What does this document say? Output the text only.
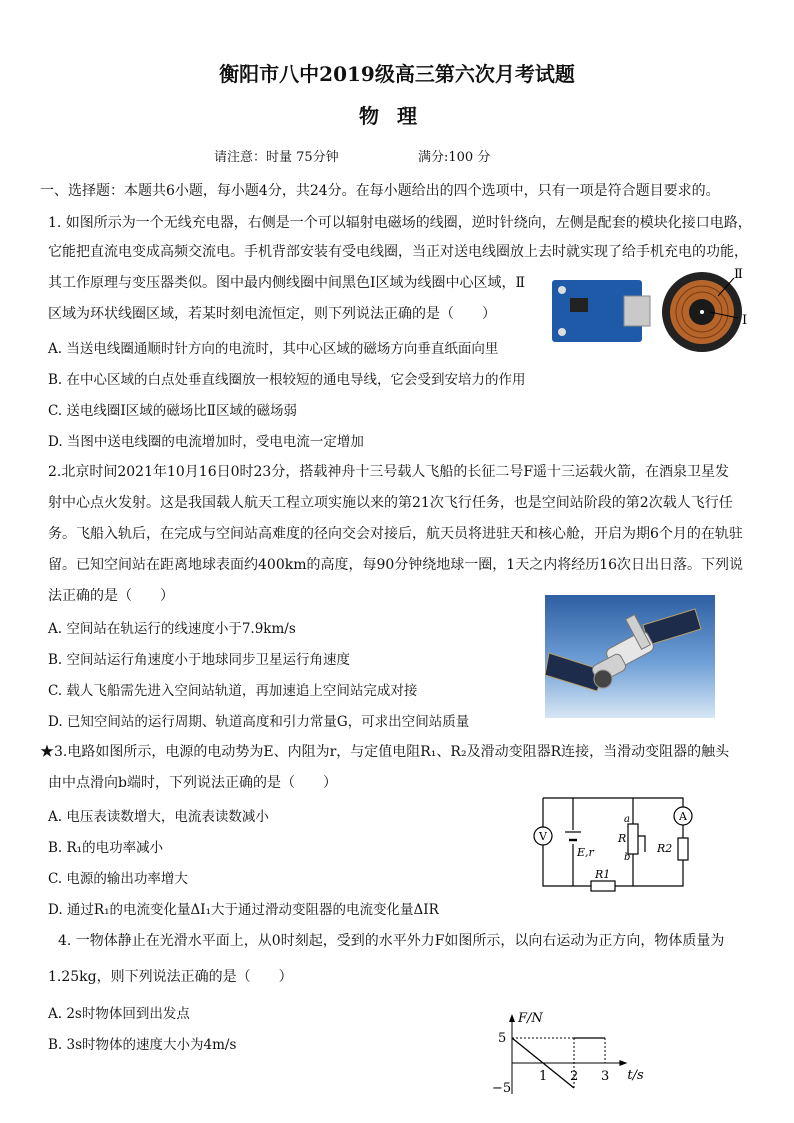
衡阳市八中2019级高三第六次月考试题
物理
请注意：时量 75分钟	满分:100 分
一、选择题：本题共6小题，每小题4分，共24分。在每小题给出的四个选项中，只有一项是符合题目要求的。
1. 如图所示为一个无线充电器，右侧是一个可以辐射电磁场的线圈，逆时针绕向，左侧是配套的模块化接口电路，
它能把直流电变成高频交流电。手机背部安装有受电线圈，当正对送电线圈放上去时就实现了给手机充电的功能，
其工作原理与变压器类似。图中最内侧线圈中间黑色Ⅰ区域为线圈中心区域，Ⅱ
区域为环状线圈区域，若某时刻电流恒定，则下列说法正确的是（　　）
A. 当送电线圈通顺时针方向的电流时，其中心区域的磁场方向垂直纸面向里
B. 在中心区域的白点处垂直线圈放一根较短的通电导线，它会受到安培力的作用
C. 送电线圈Ⅰ区域的磁场比Ⅱ区域的磁场弱
D. 当图中送电线圈的电流增加时，受电电流一定增加
Ⅱ
Ⅰ
2.北京时间2021年10月16日0时23分，搭载神舟十三号载人飞船的长征二号F遥十三运载火箭，在酒泉卫星发
射中心点火发射。这是我国载人航天工程立项实施以来的第21次飞行任务，也是空间站阶段的第2次载人飞行任
务。飞船入轨后，在完成与空间站高难度的径向交会对接后，航天员将进驻天和核心舱，开启为期6个月的在轨驻
留。已知空间站在距离地球表面约400km的高度，每90分钟绕地球一圈，1天之内将经历16次日出日落。下列说
法正确的是（　　）
A. 空间站在轨运行的线速度小于7.9km/s
B. 空间站运行角速度小于地球同步卫星运行角速度
C. 载人飞船需先进入空间站轨道，再加速追上空间站完成对接
D. 已知空间站的运行周期、轨道高度和引力常量G，可求出空间站质量
★3.电路如图所示，电源的电动势为E、内阻为r，与定值电阻R₁、R₂及滑动变阻器R连接，当滑动变阻器的触头
由中点滑向b端时，下列说法正确的是（　　）
A. 电压表读数增大，电流表读数减小
B. R₁的电功率减小
C. 电源的输出功率增大
D. 通过R₁的电流变化量ΔI₁大于通过滑动变阻器的电流变化量ΔIR
V
E,r
a
R
b
A
R2
R1
4. 一物体静止在光滑水平面上，从0时刻起，受到的水平外力F如图所示，以向右运动为正方向，物体质量为
1.25kg，则下列说法正确的是（　　）
A. 2s时物体回到出发点
B. 3s时物体的速度大小为4m/s
F/N
t/s
5
−5
1 2 3
